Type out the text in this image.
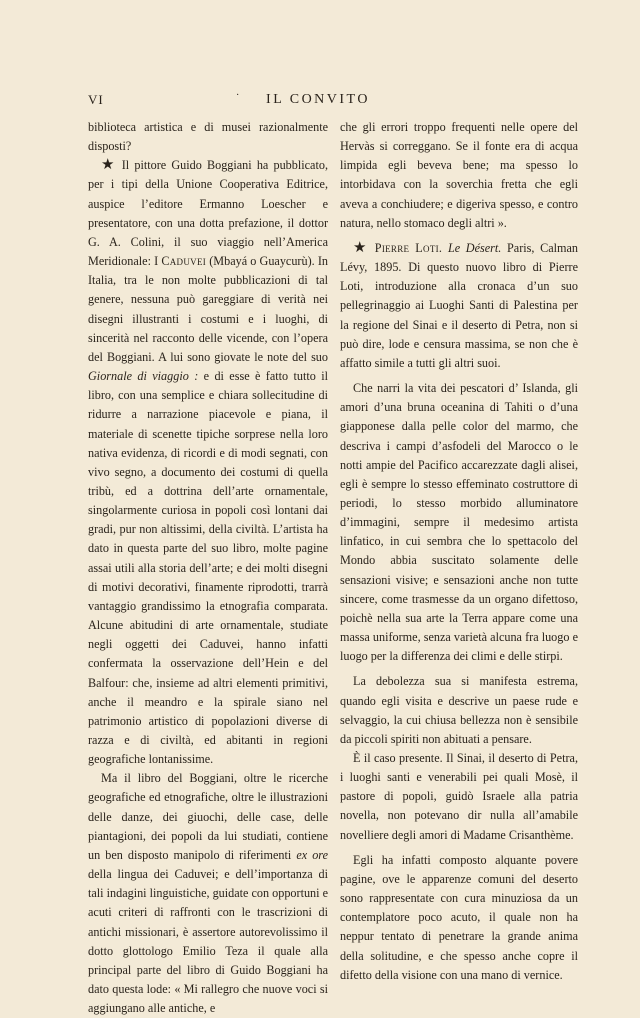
VI	·	IL CONVITO

biblioteca artistica e di musei razionalmente disposti?

★ Il pittore Guido Boggiani ha pubblicato, per i tipi della Unione Cooperativa Editrice, auspice l’editore Ermanno Loescher e presentatore, con una dotta prefazione, il dottor G. A. Colini, il suo viaggio nell’America Meridionale: I Caduvei (Mbayá o Guaycurù). In Italia, tra le non molte pubblicazioni di tal genere, nessuna può gareggiare di verità nei disegni illustranti i costumi e i luoghi, di sincerità nel racconto delle vicende, con l’opera del Boggiani. A lui sono giovate le note del suo Giornale di viaggio : e di esse è fatto tutto il libro, con una semplice e chiara sollecitudine di ridurre a narrazione piacevole e piana, il materiale di scenette tipiche sorprese nella loro nativa evidenza, di ricordi e di modi segnati, con vivo segno, a documento dei costumi di quella tribù, ed a dottrina dell’arte ornamentale, singolarmente curiosa in popoli così lontani dai gradi, pur non altissimi, della civiltà. L’artista ha dato in questa parte del suo libro, molte pagine assai utili alla storia dell’arte; e dei molti disegni di motivi decorativi, finamente riprodotti, trarrà vantaggio grandissimo la etnografia comparata. Alcune abitudini di arte ornamentale, studiate negli oggetti dei Caduvei, hanno infatti confermata la osservazione dell’Hein e del Balfour: che, insieme ad altri elementi primitivi, anche il meandro e la spirale siano nel patrimonio artistico di popolazioni diverse di razza e di civiltà, ed abitanti in regioni geografiche lontanissime.

Ma il libro del Boggiani, oltre le ricerche geografiche ed etnografiche, oltre le illustrazioni delle danze, dei giuochi, delle case, delle piantagioni, dei popoli da lui studiati, contiene un ben disposto manipolo di riferimenti ex ore della lingua dei Caduvei; e dell’importanza di tali indagini linguistiche, guidate con opportuni e acuti criteri di raffronti con le trascrizioni di antichi missionari, è assertore autorevolissimo il dotto glottologo Emilio Teza il quale alla principal parte del libro di Guido Boggiani ha dato questa lode: « Mi rallegro che nuove voci si aggiungano alle antiche, e

che gli errori troppo frequenti nelle opere del Hervàs si correggano. Se il fonte era di acqua limpida egli beveva bene; ma spesso lo intorbidava con la soverchia fretta che egli aveva a conchiudere; e digeriva spesso, e contro natura, nello stomaco degli altri ».

★ Pierre Loti. Le Désert. Paris, Calman Lévy, 1895. Di questo nuovo libro di Pierre Loti, introduzione alla cronaca d’un suo pellegrinaggio ai Luoghi Santi di Palestina per la regione del Sinai e il deserto di Petra, non si può dire, lode e censura massima, se non che è affatto simile a tutti gli altri suoi.

Che narri la vita dei pescatori d’ Islanda, gli amori d’una bruna oceanina di Tahiti o d’una giapponese dalla pelle color del marmo, che descriva i campi d’asfodeli del Marocco o le notti ampie del Pacifico accarezzate dagli alisei, egli è sempre lo stesso effeminato costruttore di periodi, lo stesso morbido alluminatore d’immagini, sempre il medesimo artista linfatico, in cui sembra che lo spettacolo del Mondo abbia suscitato solamente delle sensazioni visive; e sensazioni anche non tutte sincere, come trasmesse da un organo difettoso, poichè nella sua arte la Terra appare come una massa uniforme, senza varietà alcuna fra luogo e luogo per la differenza dei climi e delle stirpi.

La debolezza sua si manifesta estrema, quando egli visita e descrive un paese rude e selvaggio, la cui chiusa bellezza non è sensibile da piccoli spiriti non abituati a pensare.

È il caso presente. Il Sinai, il deserto di Petra, i luoghi santi e venerabili pei quali Mosè, il pastore di popoli, guidò Israele alla patria novella, non potevano dir nulla all’amabile novelliere degli amori di Madame Crisanthème.

Egli ha infatti composto alquante povere pagine, ove le apparenze comuni del deserto sono rappresentate con cura minuziosa da un contemplatore poco acuto, il quale non ha neppur tentato di penetrare la grande anima della solitudine, e che spesso anche copre il difetto della visione con una mano di vernice.
